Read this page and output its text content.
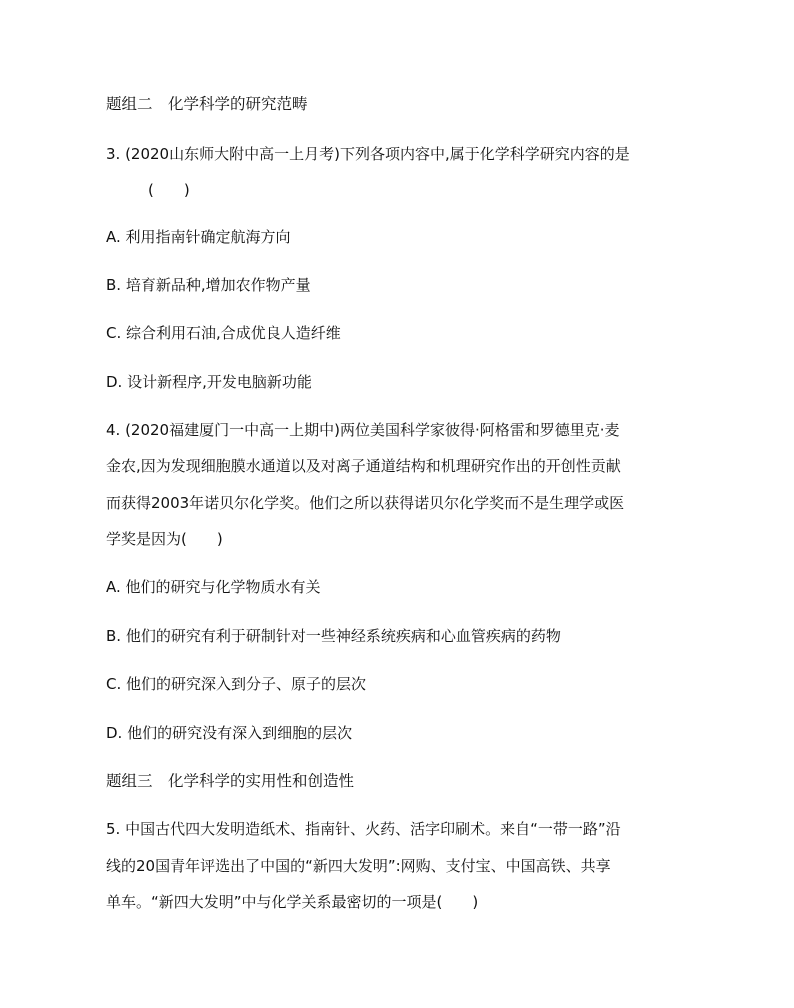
题组二　化学科学的研究范畴
3. (2020山东师大附中高一上月考)下列各项内容中,属于化学科学研究内容的是
(　　)
A. 利用指南针确定航海方向
B. 培育新品种,增加农作物产量
C. 综合利用石油,合成优良人造纤维
D. 设计新程序,开发电脑新功能
4. (2020福建厦门一中高一上期中)两位美国科学家彼得·阿格雷和罗德里克·麦
金农,因为发现细胞膜水通道以及对离子通道结构和机理研究作出的开创性贡献
而获得2003年诺贝尔化学奖。他们之所以获得诺贝尔化学奖而不是生理学或医
学奖是因为(　　)
A. 他们的研究与化学物质水有关
B. 他们的研究有利于研制针对一些神经系统疾病和心血管疾病的药物
C. 他们的研究深入到分子、原子的层次
D. 他们的研究没有深入到细胞的层次
题组三　化学科学的实用性和创造性
5. 中国古代四大发明造纸术、指南针、火药、活字印刷术。来自“一带一路”沿
线的20国青年评选出了中国的“新四大发明”:网购、支付宝、中国高铁、共享
单车。“新四大发明”中与化学关系最密切的一项是(　　)
